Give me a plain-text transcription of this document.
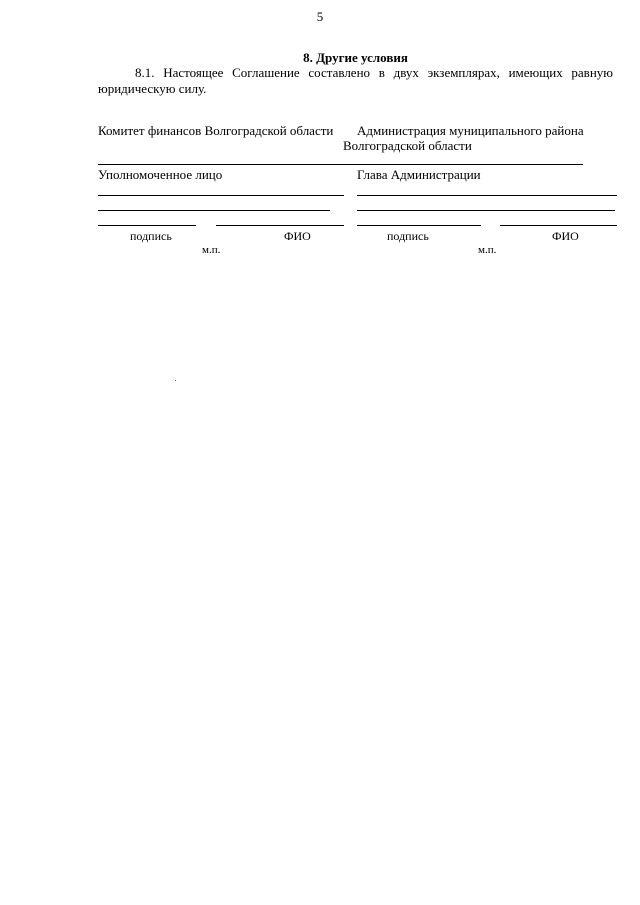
5
8. Другие условия
8.1. Настоящее Соглашение составлено в двух экземплярах, имеющих равную юридическую силу.
Комитет финансов Волгоградской области
Уполномоченное лицо
подпись	ФИО
м.п.
Администрация муниципального района
Волгоградской области
Глава Администрации
подпись	ФИО
м.п.
